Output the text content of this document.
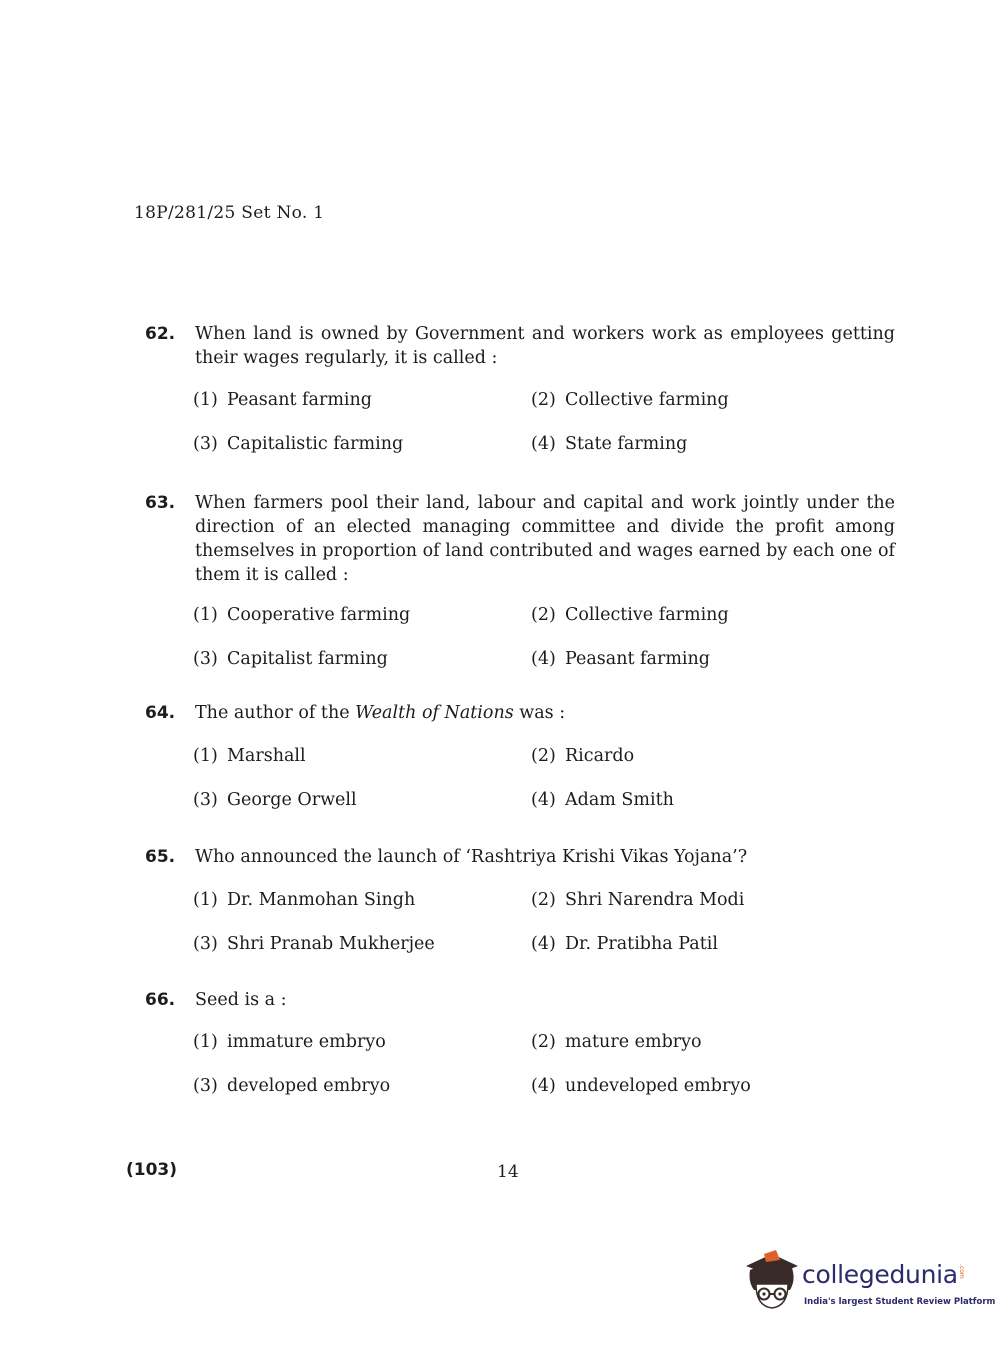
18P/281/25 Set No. 1
62. When land is owned by Government and workers work as employees getting their wages regularly, it is called :
(1) Peasant farming	(2) Collective farming
(3) Capitalistic farming	(4) State farming
63. When farmers pool their land, labour and capital and work jointly under the direction of an elected managing committee and divide the profit among themselves in proportion of land contributed and wages earned by each one of them it is called :
(1) Cooperative farming	(2) Collective farming
(3) Capitalist farming	(4) Peasant farming
64. The author of the Wealth of Nations was :
(1) Marshall	(2) Ricardo
(3) George Orwell	(4) Adam Smith
65. Who announced the launch of ‘Rashtriya Krishi Vikas Yojana’?
(1) Dr. Manmohan Singh	(2) Shri Narendra Modi
(3) Shri Pranab Mukherjee	(4) Dr. Pratibha Patil
66. Seed is a :
(1) immature embryo	(2) mature embryo
(3) developed embryo	(4) undeveloped embryo
(103)	14
collegedunia .com
India's largest Student Review Platform
